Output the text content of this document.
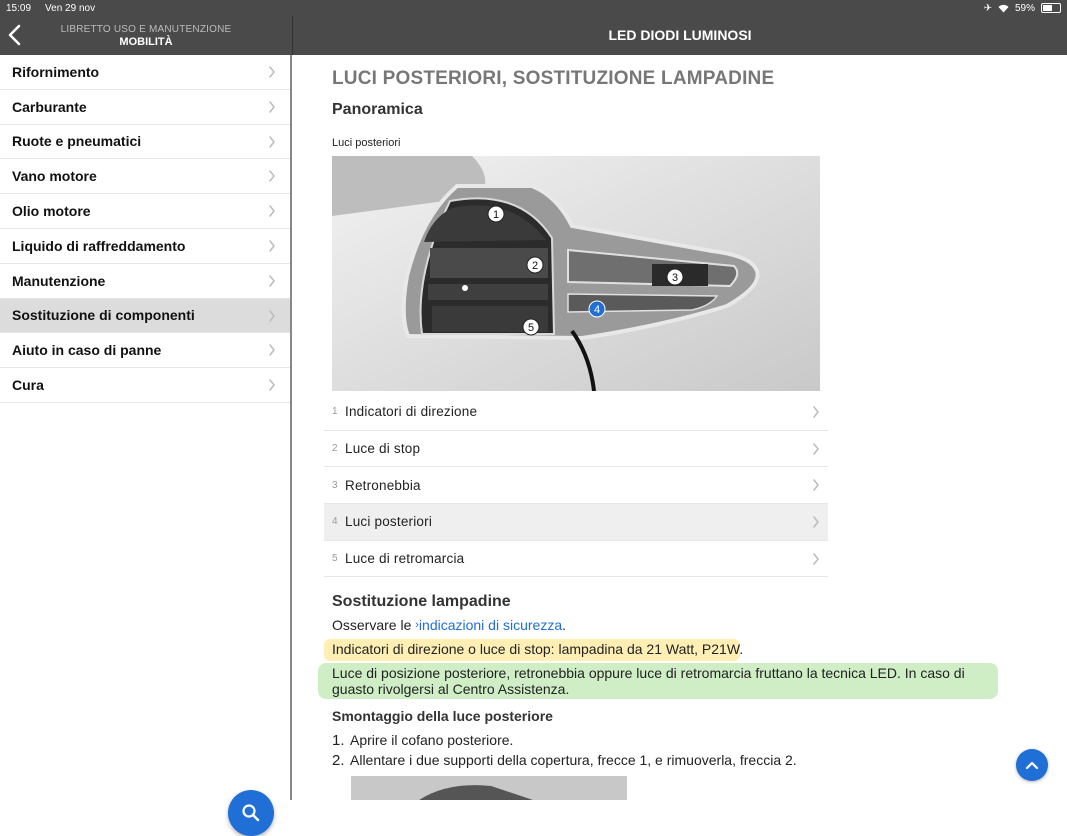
15:09 Ven 29 nov	✈ 59%
LIBRETTO USO E MANUTENZIONE
MOBILITÀ	LED DIODI LUMINOSI
Rifornimento
Carburante
Ruote e pneumatici
Vano motore
Olio motore
Liquido di raffreddamento
Manutenzione
Sostituzione di componenti
Aiuto in caso di panne
Cura
LUCI POSTERIORI, SOSTITUZIONE LAMPADINE
Panoramica
Luci posteriori
1
2
3
4
5
1 Indicatori di direzione
2 Luce di stop
3 Retronebbia
4 Luci posteriori
5 Luce di retromarcia
Sostituzione lampadine
Osservare le ›indicazioni di sicurezza.
Indicatori di direzione o luce di stop: lampadina da 21 Watt, P21W.
Luce di posizione posteriore, retronebbia oppure luce di retromarcia fruttano la tecnica LED. In caso di guasto rivolgersi al Centro Assistenza.
Smontaggio della luce posteriore
1. Aprire il cofano posteriore.
2. Allentare i due supporti della copertura, frecce 1, e rimuoverla, freccia 2.
